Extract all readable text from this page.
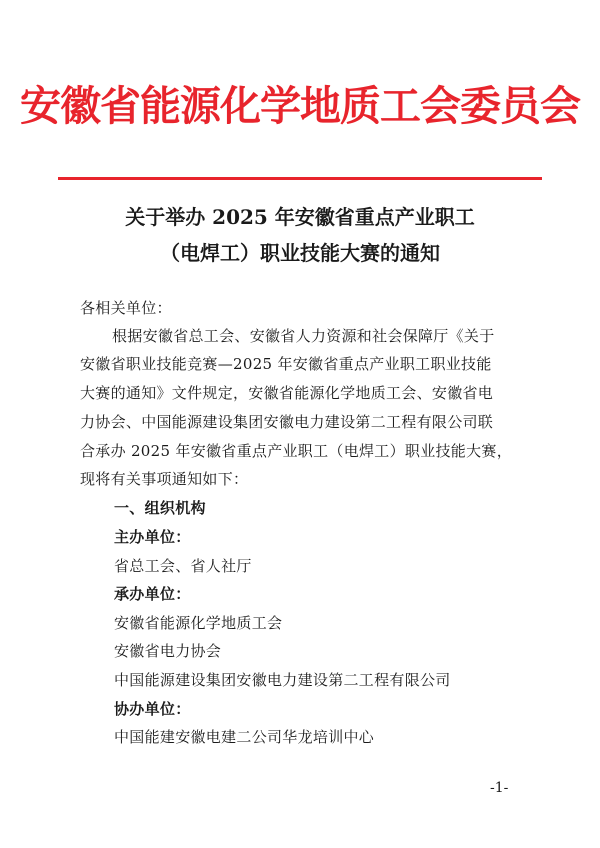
安徽省能源化学地质工会委员会
关于举办 2025 年安徽省重点产业职工
（电焊工）职业技能大赛的通知
各相关单位：
根据安徽省总工会、安徽省人力资源和社会保障厅《关于
安徽省职业技能竞赛—2025 年安徽省重点产业职工职业技能
大赛的通知》文件规定，安徽省能源化学地质工会、安徽省电
力协会、中国能源建设集团安徽电力建设第二工程有限公司联
合承办 2025 年安徽省重点产业职工（电焊工）职业技能大赛，
现将有关事项通知如下：
一、组织机构
主办单位：
省总工会、省人社厅
承办单位：
安徽省能源化学地质工会
安徽省电力协会
中国能源建设集团安徽电力建设第二工程有限公司
协办单位：
中国能建安徽电建二公司华龙培训中心
-1-
